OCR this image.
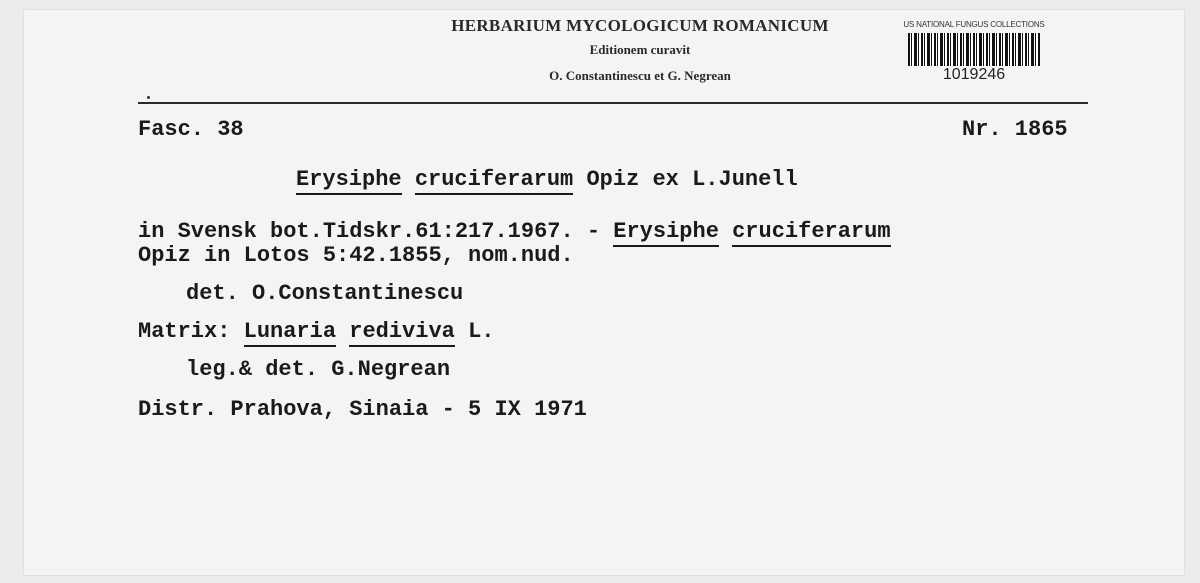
HERBARIUM MYCOLOGICUM ROMANICUM
Editionem curavit
O. Constantinescu et G. Negrean
US NATIONAL FUNGUS COLLECTIONS
1019246
Fasc. 38	Nr. 1865
Erysiphe cruciferarum Opiz ex L.Junell
in Svensk bot.Tidskr.61:217.1967. - Erysiphe cruciferarum
Opiz in Lotos 5:42.1855, nom.nud.
det. O.Constantinescu
Matrix: Lunaria rediviva L.
leg.& det. G.Negrean
Distr. Prahova, Sinaia - 5 IX 1971
